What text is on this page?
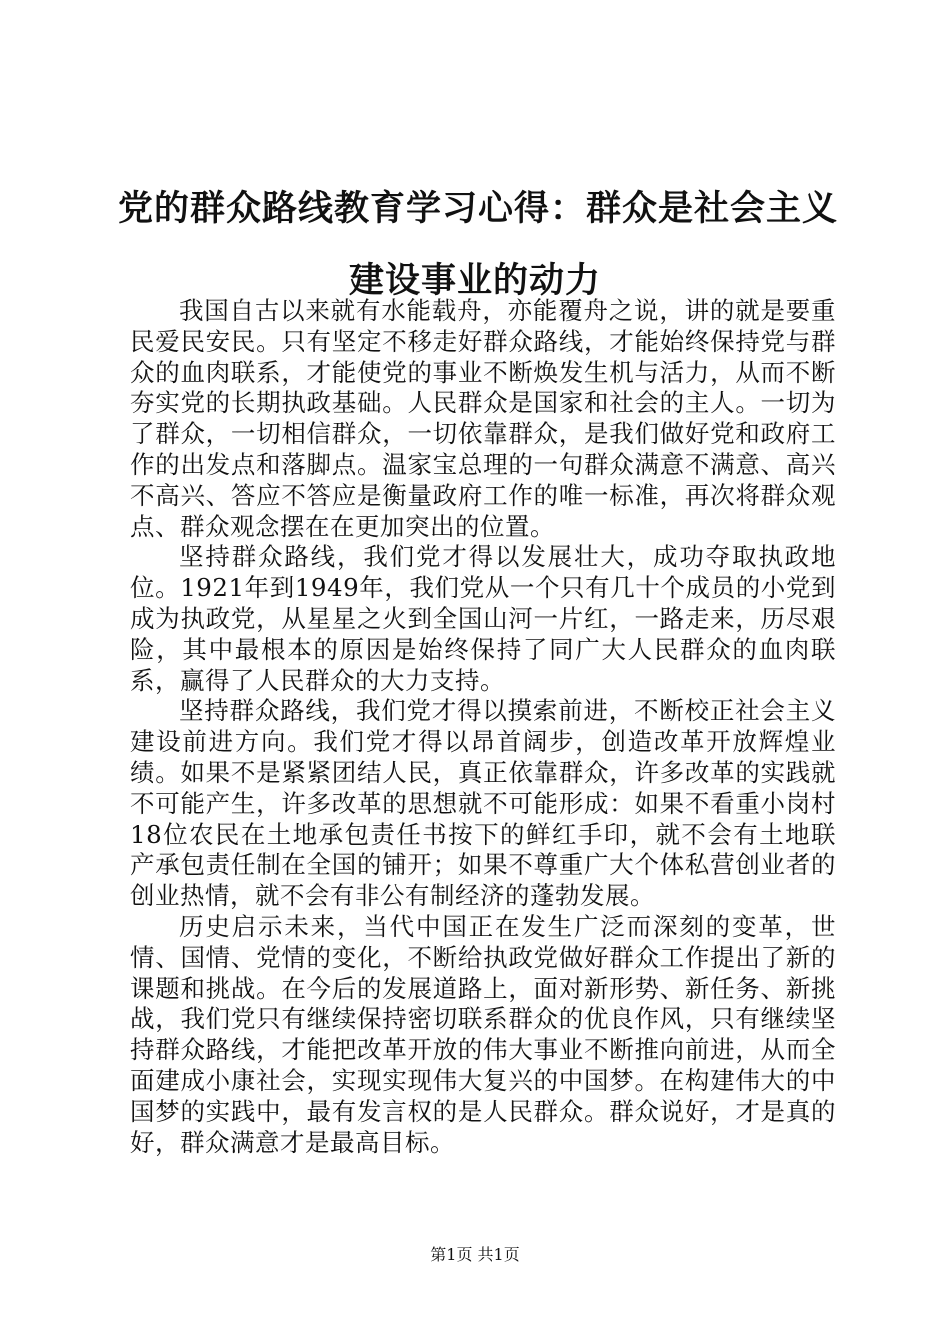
党的群众路线教育学习心得：群众是社会主义
建设事业的动力

我国自古以来就有水能载舟，亦能覆舟之说，讲的就是要重民爱民安民。只有坚定不移走好群众路线，才能始终保持党与群众的血肉联系，才能使党的事业不断焕发生机与活力，从而不断夯实党的长期执政基础。人民群众是国家和社会的主人。一切为了群众，一切相信群众，一切依靠群众，是我们做好党和政府工作的出发点和落脚点。温家宝总理的一句群众满意不满意、高兴不高兴、答应不答应是衡量政府工作的唯一标准，再次将群众观点、群众观念摆在在更加突出的位置。

坚持群众路线，我们党才得以发展壮大，成功夺取执政地位。1921年到1949年，我们党从一个只有几十个成员的小党到成为执政党，从星星之火到全国山河一片红，一路走来，历尽艰险，其中最根本的原因是始终保持了同广大人民群众的血肉联系，赢得了人民群众的大力支持。

坚持群众路线，我们党才得以摸索前进，不断校正社会主义建设前进方向。我们党才得以昂首阔步，创造改革开放辉煌业绩。如果不是紧紧团结人民，真正依靠群众，许多改革的实践就不可能产生，许多改革的思想就不可能形成：如果不看重小岗村18位农民在土地承包责任书按下的鲜红手印，就不会有土地联产承包责任制在全国的铺开；如果不尊重广大个体私营创业者的创业热情，就不会有非公有制经济的蓬勃发展。

历史启示未来，当代中国正在发生广泛而深刻的变革，世情、国情、党情的变化，不断给执政党做好群众工作提出了新的课题和挑战。在今后的发展道路上，面对新形势、新任务、新挑战，我们党只有继续保持密切联系群众的优良作风，只有继续坚持群众路线，才能把改革开放的伟大事业不断推向前进，从而全面建成小康社会，实现实现伟大复兴的中国梦。在构建伟大的中国梦的实践中，最有发言权的是人民群众。群众说好，才是真的好，群众满意才是最高目标。

第1页 共1页
